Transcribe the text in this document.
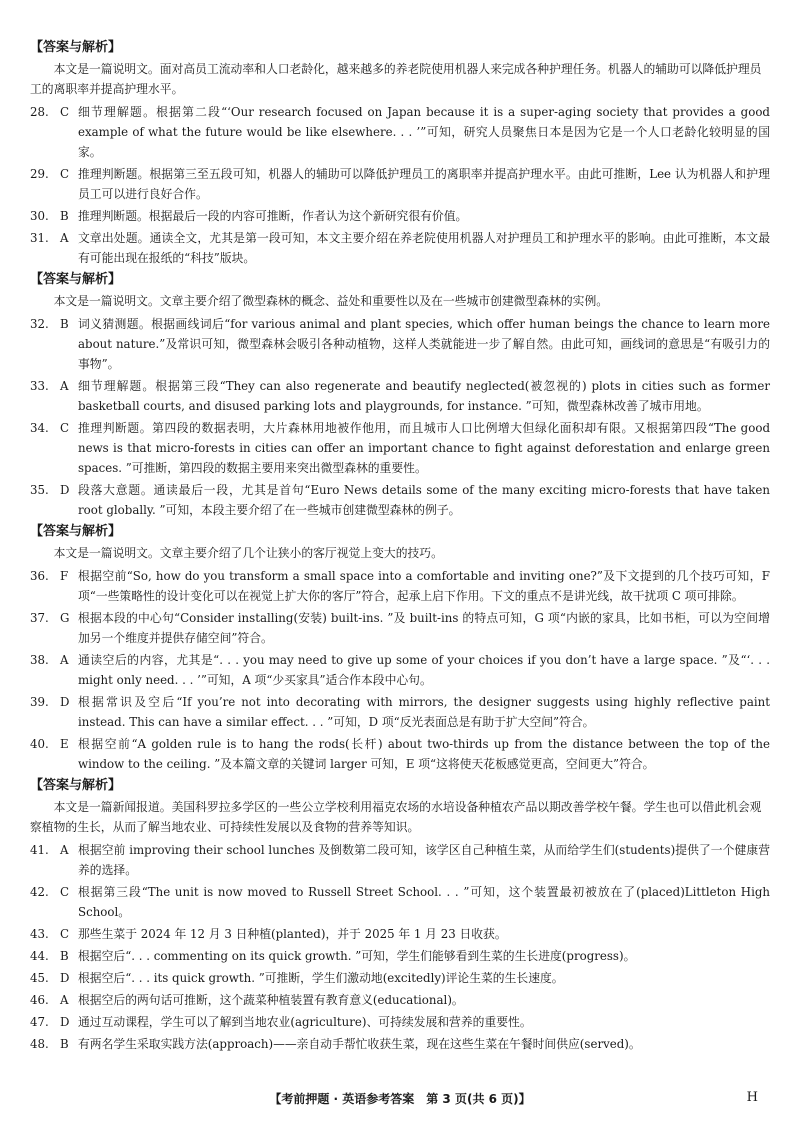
【答案与解析】
本文是一篇说明文。面对高员工流动率和人口老龄化，越来越多的养老院使用机器人来完成各种护理任务。机器人的辅助可以降低护理员工的离职率并提高护理水平。
28. C 细节理解题。根据第二段“‘Our research focused on Japan because it is a super-aging society that provides a good example of what the future would be like elsewhere. . . ’”可知，研究人员聚焦日本是因为它是一个人口老龄化较明显的国家。
29. C 推理判断题。根据第三至五段可知，机器人的辅助可以降低护理员工的离职率并提高护理水平。由此可推断，Lee 认为机器人和护理员工可以进行良好合作。
30. B 推理判断题。根据最后一段的内容可推断，作者认为这个新研究很有价值。
31. A 文章出处题。通读全文，尤其是第一段可知，本文主要介绍在养老院使用机器人对护理员工和护理水平的影响。由此可推断，本文最有可能出现在报纸的“科技”版块。
【答案与解析】
本文是一篇说明文。文章主要介绍了微型森林的概念、益处和重要性以及在一些城市创建微型森林的实例。
32. B 词义猜测题。根据画线词后“for various animal and plant species, which offer human beings the chance to learn more about nature.”及常识可知，微型森林会吸引各种动植物，这样人类就能进一步了解自然。由此可知，画线词的意思是“有吸引力的事物”。
33. A 细节理解题。根据第三段“They can also regenerate and beautify neglected(被忽视的) plots in cities such as former basketball courts, and disused parking lots and playgrounds, for instance. ”可知，微型森林改善了城市用地。
34. C 推理判断题。第四段的数据表明，大片森林用地被作他用，而且城市人口比例增大但绿化面积却有限。又根据第四段“The good news is that micro-forests in cities can offer an important chance to fight against deforestation and enlarge green spaces. ”可推断，第四段的数据主要用来突出微型森林的重要性。
35. D 段落大意题。通读最后一段，尤其是首句“Euro News details some of the many exciting micro-forests that have taken root globally. ”可知，本段主要介绍了在一些城市创建微型森林的例子。
【答案与解析】
本文是一篇说明文。文章主要介绍了几个让狭小的客厅视觉上变大的技巧。
36. F 根据空前“So, how do you transform a small space into a comfortable and inviting one?”及下文提到的几个技巧可知，F 项“一些策略性的设计变化可以在视觉上扩大你的客厅”符合，起承上启下作用。下文的重点不是讲光线，故干扰项 C 项可排除。
37. G 根据本段的中心句“Consider installing(安装) built-ins. ”及 built-ins 的特点可知，G 项“内嵌的家具，比如书柜，可以为空间增加另一个维度并提供存储空间”符合。
38. A 通读空后的内容，尤其是“. . . you may need to give up some of your choices if you don’t have a large space. ”及“‘. . . might only need. . . ’”可知，A 项“少买家具”适合作本段中心句。
39. D 根据常识及空后“If you’re not into decorating with mirrors, the designer suggests using highly reflective paint instead. This can have a similar effect. . . ”可知，D 项“反光表面总是有助于扩大空间”符合。
40. E 根据空前“A golden rule is to hang the rods(长杆) about two-thirds up from the distance between the top of the window to the ceiling. ”及本篇文章的关键词 larger 可知，E 项“这将使天花板感觉更高，空间更大”符合。
【答案与解析】
本文是一篇新闻报道。美国科罗拉多学区的一些公立学校利用福克农场的水培设备种植农产品以期改善学校午餐。学生也可以借此机会观察植物的生长，从而了解当地农业、可持续性发展以及食物的营养等知识。
41. A 根据空前 improving their school lunches 及倒数第二段可知，该学区自己种植生菜，从而给学生们(students)提供了一个健康营养的选择。
42. C 根据第三段“The unit is now moved to Russell Street School. . . ”可知，这个装置最初被放在了(placed)Littleton High School。
43. C 那些生菜于 2024 年 12 月 3 日种植(planted)，并于 2025 年 1 月 23 日收获。
44. B 根据空后“. . . commenting on its quick growth. ”可知，学生们能够看到生菜的生长进度(progress)。
45. D 根据空后“. . . its quick growth. ”可推断，学生们激动地(excitedly)评论生菜的生长速度。
46. A 根据空后的两句话可推断，这个蔬菜种植装置有教育意义(educational)。
47. D 通过互动课程，学生可以了解到当地农业(agriculture)、可持续发展和营养的重要性。
48. B 有两名学生采取实践方法(approach)——亲自动手帮忙收获生菜，现在这些生菜在午餐时间供应(served)。
【考前押题 · 英语参考答案　第 3 页(共 6 页)】	H
